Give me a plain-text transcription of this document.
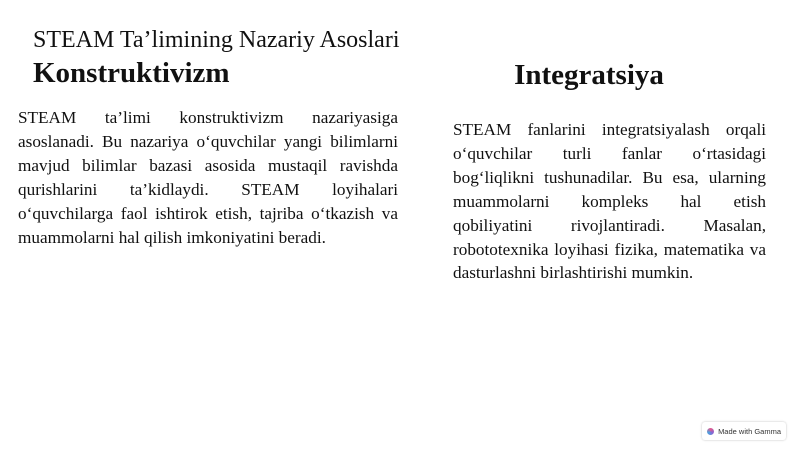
STEAM Ta’limining Nazariy Asoslari
Konstruktivizm
STEAM ta’limi konstruktivizm nazariyasiga asoslanadi. Bu nazariya o‘quvchilar yangi bilimlarni mavjud bilimlar bazasi asosida mustaqil ravishda qurishlarini ta’kidlaydi. STEAM loyihalari o‘quvchilarga faol ishtirok etish, tajriba o‘tkazish va muammolarni hal qilish imkoniyatini beradi.
Integratsiya
STEAM fanlarini integratsiyalash orqali o‘quvchilar turli fanlar o‘rtasidagi bog‘liqlikni tushunadilar. Bu esa, ularning muammolarni kompleks hal etish qobiliyatini rivojlantiradi. Masalan, robototexnika loyihasi fizika, matematika va dasturlashni birlashtirishi mumkin.
Made with Gamma
